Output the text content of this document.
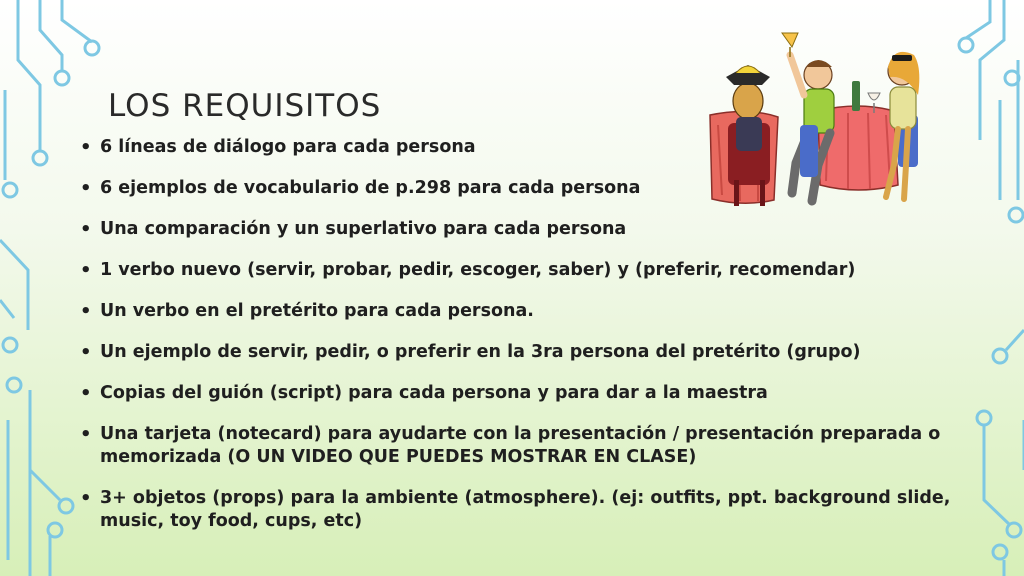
LOS REQUISITOS
• 6 líneas de diálogo para cada persona
• 6 ejemplos de vocabulario de p.298 para cada persona
• Una comparación y un superlativo para cada persona
• 1 verbo nuevo (servir, probar, pedir, escoger, saber) y (preferir, recomendar)
• Un verbo en el pretérito para cada persona.
• Un ejemplo de servir, pedir, o preferir en la 3ra persona del pretérito (grupo)
• Copias del guión (script) para cada persona y para dar a la maestra
• Una tarjeta (notecard) para ayudarte con la presentación / presentación preparada o memorizada (O UN VIDEO QUE PUEDES MOSTRAR EN CLASE)
• 3+ objetos (props) para la ambiente (atmosphere). (ej: outfits, ppt. background slide, music, toy food, cups, etc)
